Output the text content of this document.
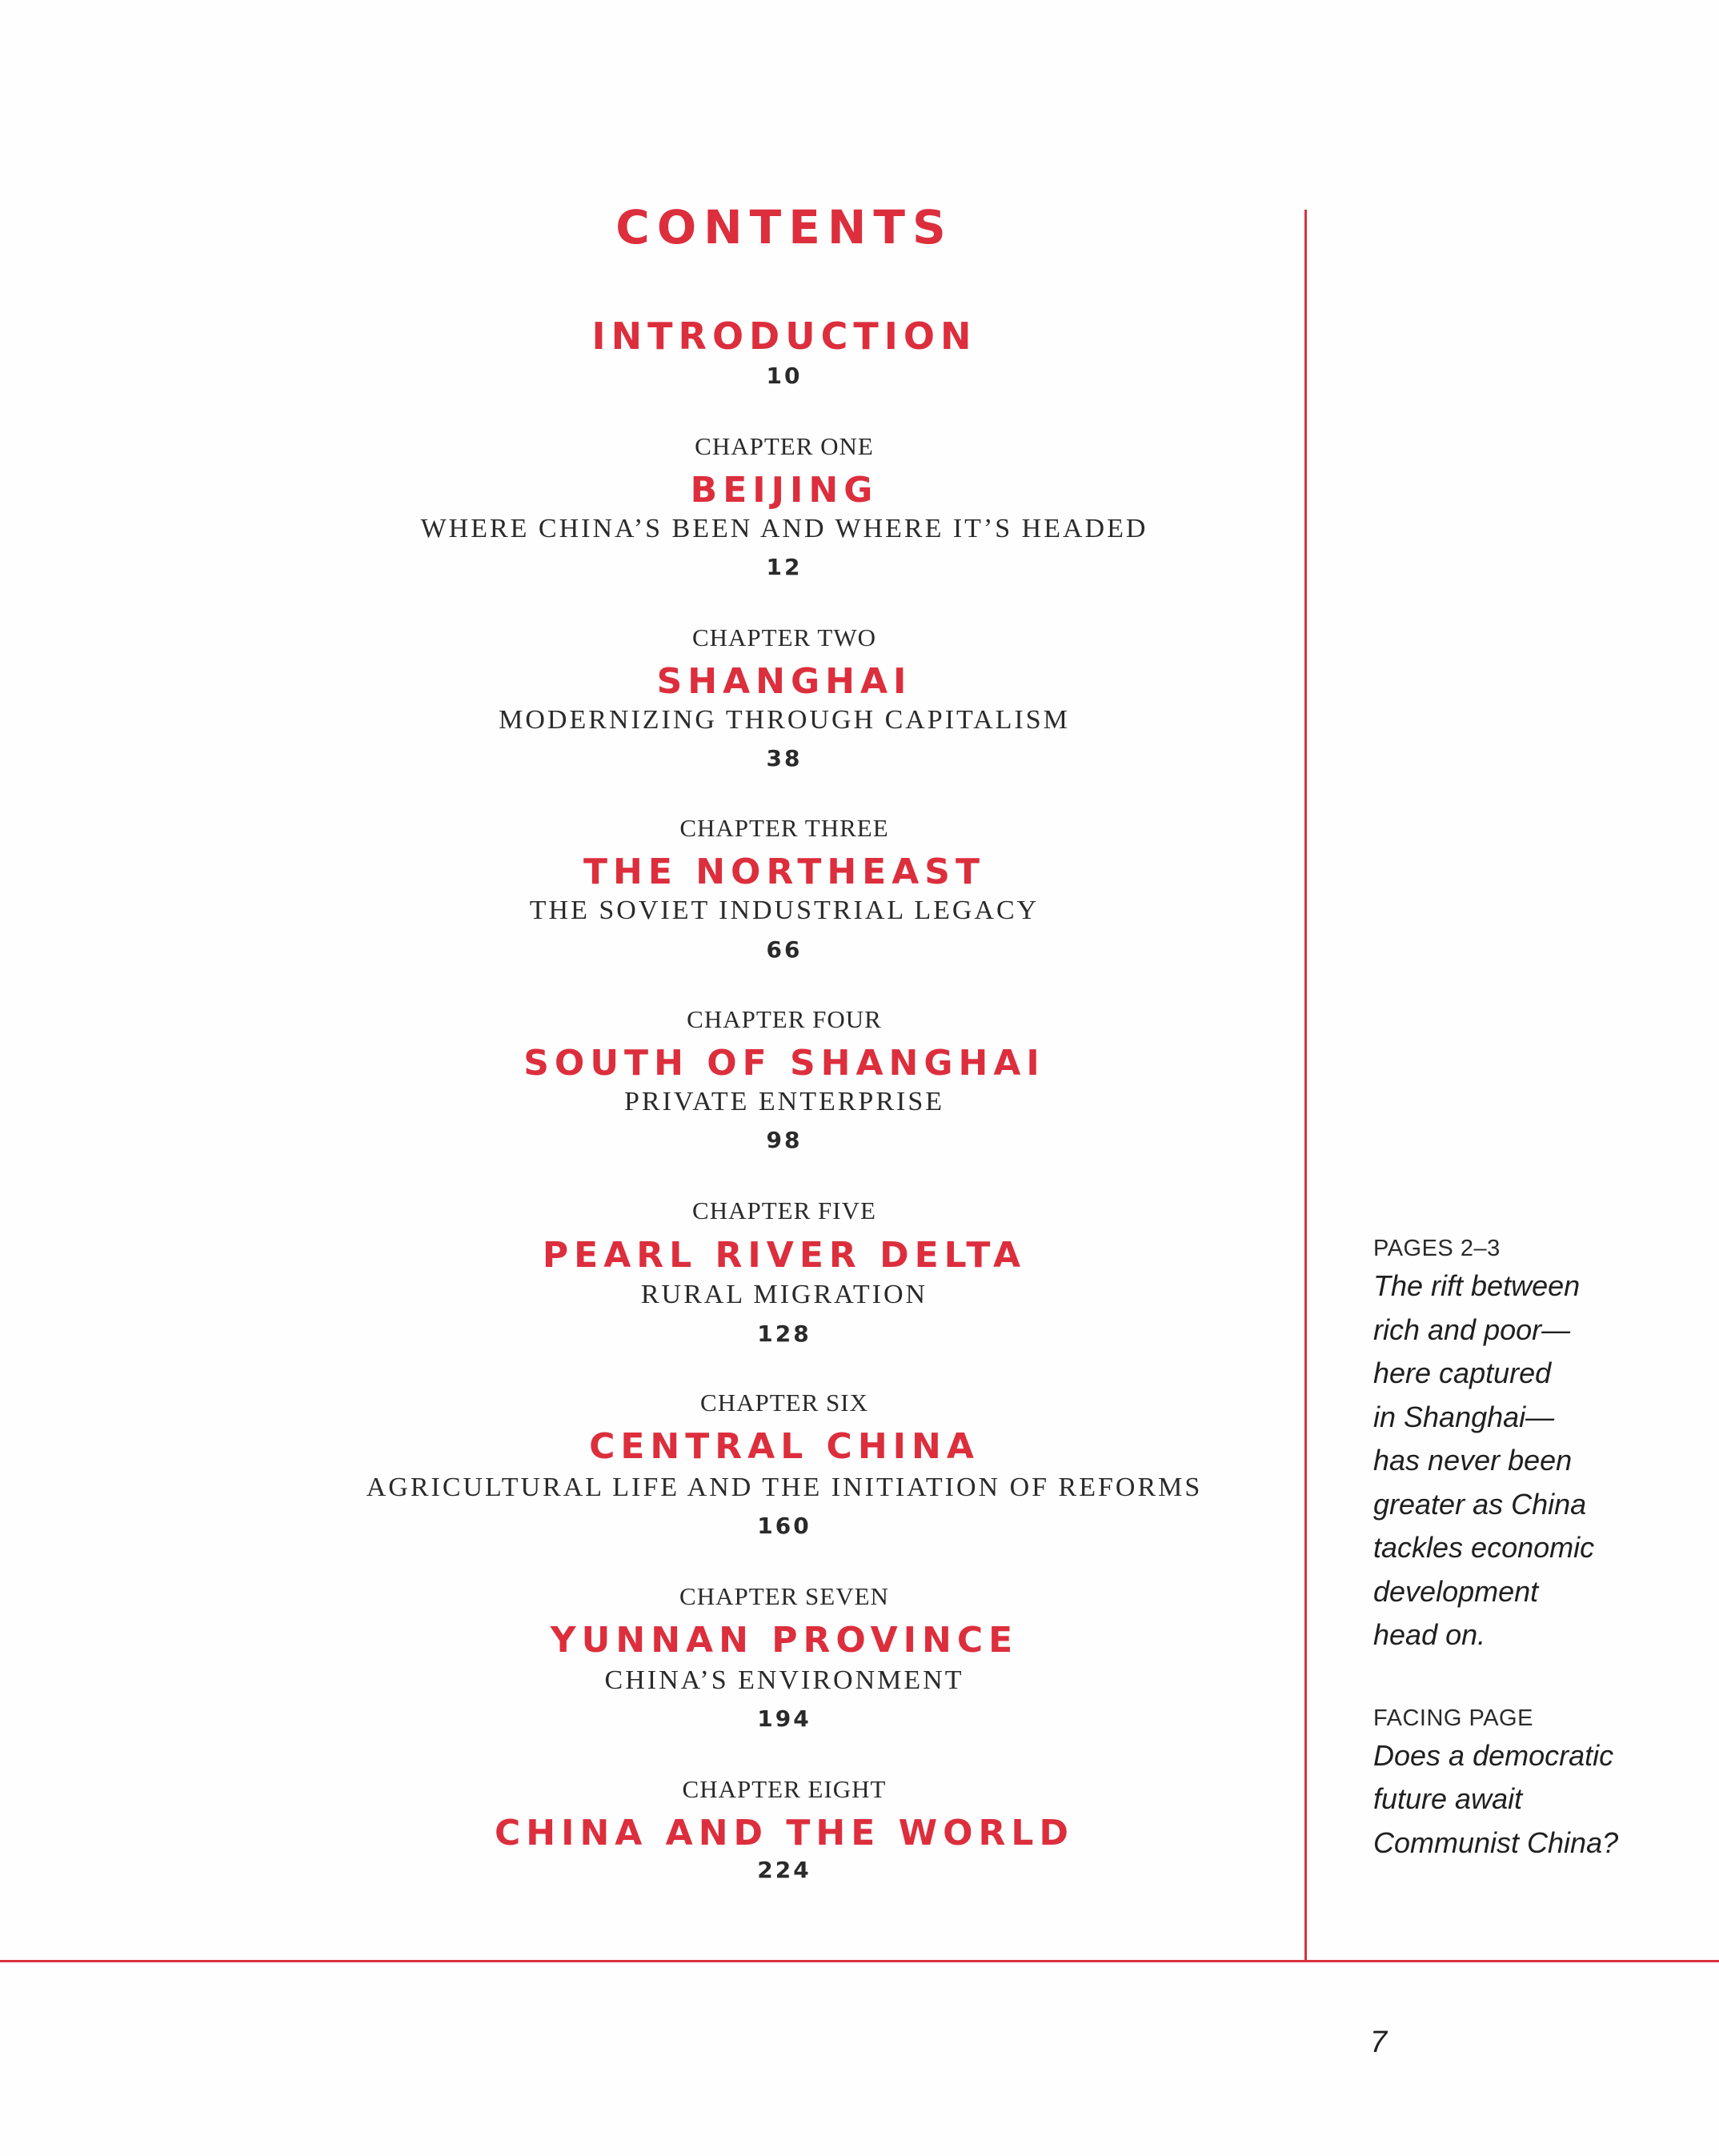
CONTENTS
INTRODUCTION
10
CHAPTER ONE
BEIJING
WHERE CHINA’S BEEN AND WHERE IT’S HEADED
12
CHAPTER TWO
SHANGHAI
MODERNIZING THROUGH CAPITALISM
38
CHAPTER THREE
THE NORTHEAST
THE SOVIET INDUSTRIAL LEGACY
66
CHAPTER FOUR
SOUTH OF SHANGHAI
PRIVATE ENTERPRISE
98
CHAPTER FIVE
PEARL RIVER DELTA
RURAL MIGRATION
128
CHAPTER SIX
CENTRAL CHINA
AGRICULTURAL LIFE AND THE INITIATION OF REFORMS
160
CHAPTER SEVEN
YUNNAN PROVINCE
CHINA’S ENVIRONMENT
194
CHAPTER EIGHT
CHINA AND THE WORLD
224
PAGES 2–3
The rift between
rich and poor—
here captured
in Shanghai—
has never been
greater as China
tackles economic
development
head on.
FACING PAGE
Does a democratic
future await
Communist China?
7
